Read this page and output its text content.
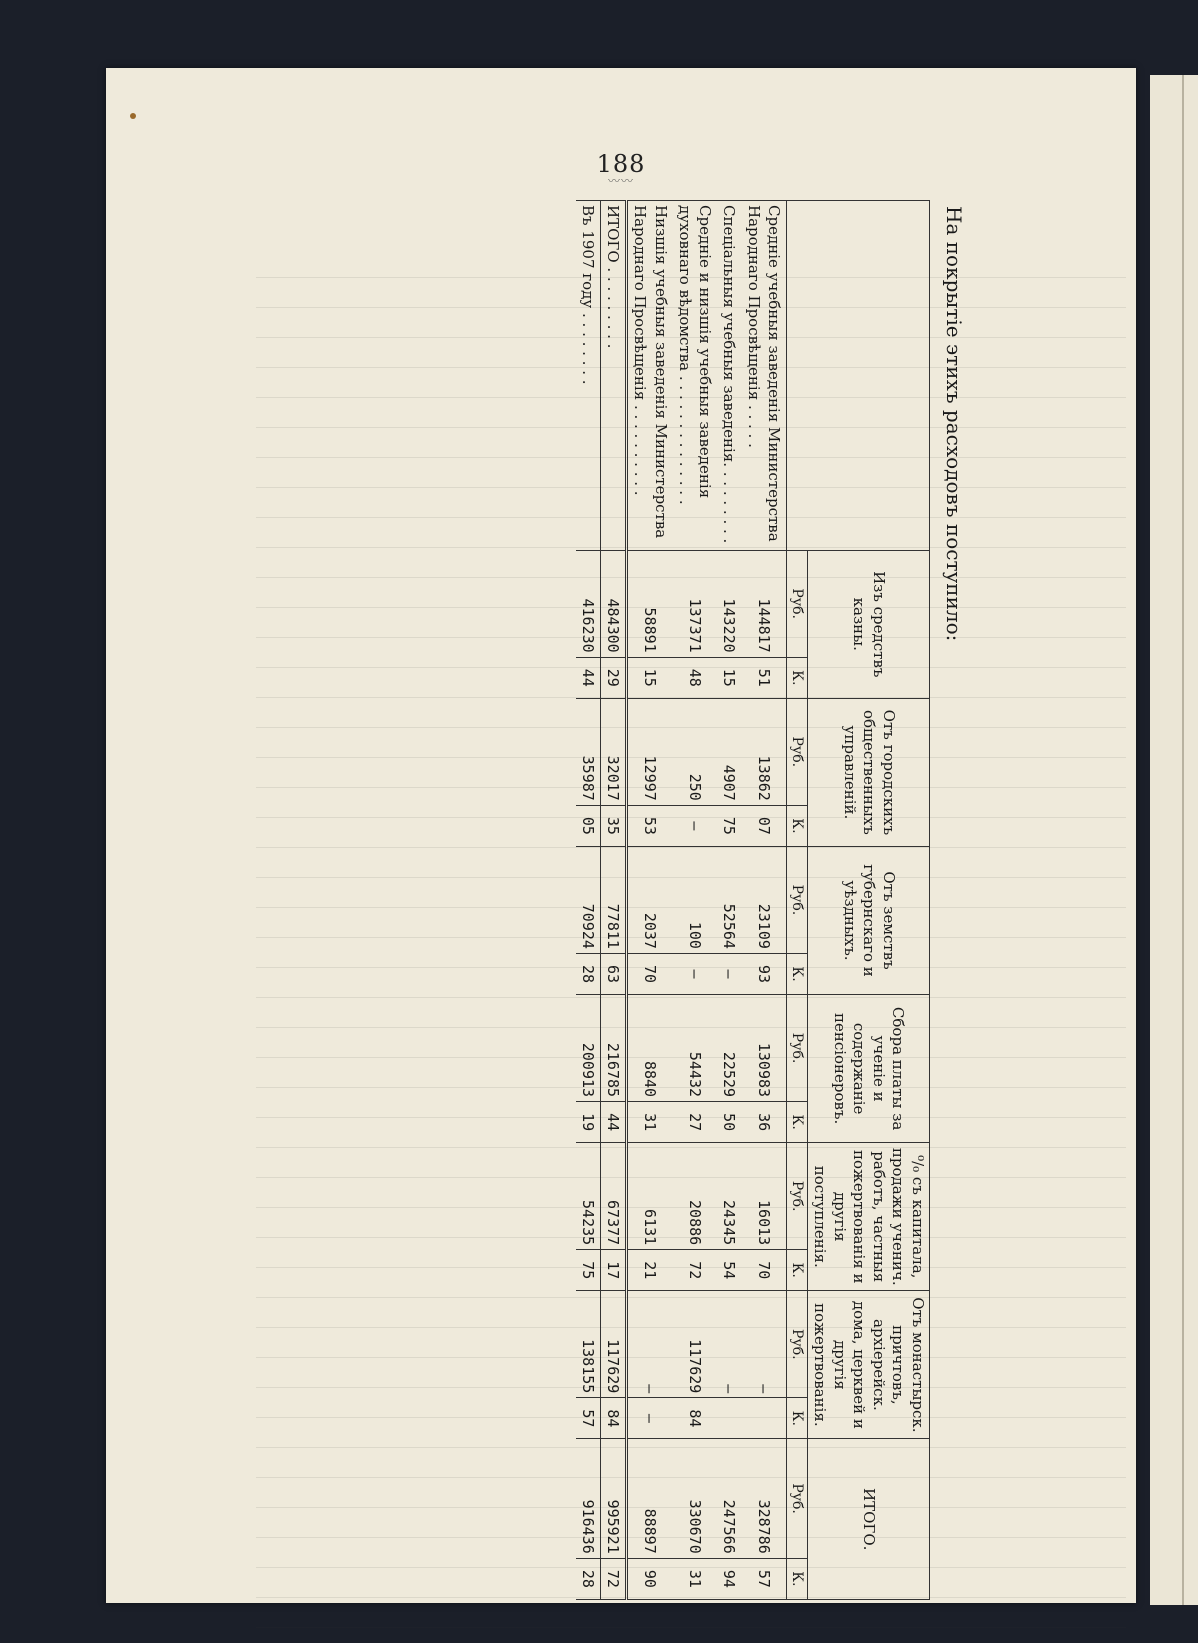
188
〰〰
На покрытіе этихъ расходовъ поступило:
	Изъ средствъ казны.		Отъ городскихъ общественныхъ управленій.		Отъ земствъ губернскаго и уѣздныхъ.		Сбора платы за ученіе и содержаніе пенсіонеровъ.		⁰/₀ съ капитала, продажи ученич. работъ, частныя пожертвованія и другія поступленія.		Отъ монастырск. причтовъ, архіерейск. дома, церквей и другія пожертвованія.		ИТОГО.	
	Руб.	К.	Руб.	К.	Руб.	К.	Руб.	К.	Руб.	К.	Руб.	К.	Руб.	К.
Средніе учебныя заведенія Министерства Народнаго Просвѣщенія . . . . .	144817	51	13862	07	23109	93	130983	36	16013	70	—		328786	57
Спеціальныя учебныя заведенія. . . . . . . . .	143220	15	4907	75	52564	—	22529	50	24345	54	—		247566	94
Средніе и низшія учебныя заведенія духовнаго вѣдомства . . . . . . . . . . . . . .	137371	48	250	—	100	—	54432	27	20886	72	117629	84	330670	31
Низшія учебныя заведенія Министерства Народнаго Просвѣщенія . . . . . . . . . .	58891	15	12997	53	2037	70	8840	31	6131	21	—	—	88897	90
ИТОГО . . . . . . . . .	484300	29	32017	35	77811	63	216785	44	67377	17	117629	84	995921	72
Въ 1907 году . . . . . . . .	416230	44	35987	05	70924	28	200913	19	54235	75	138155	57	916436	28
